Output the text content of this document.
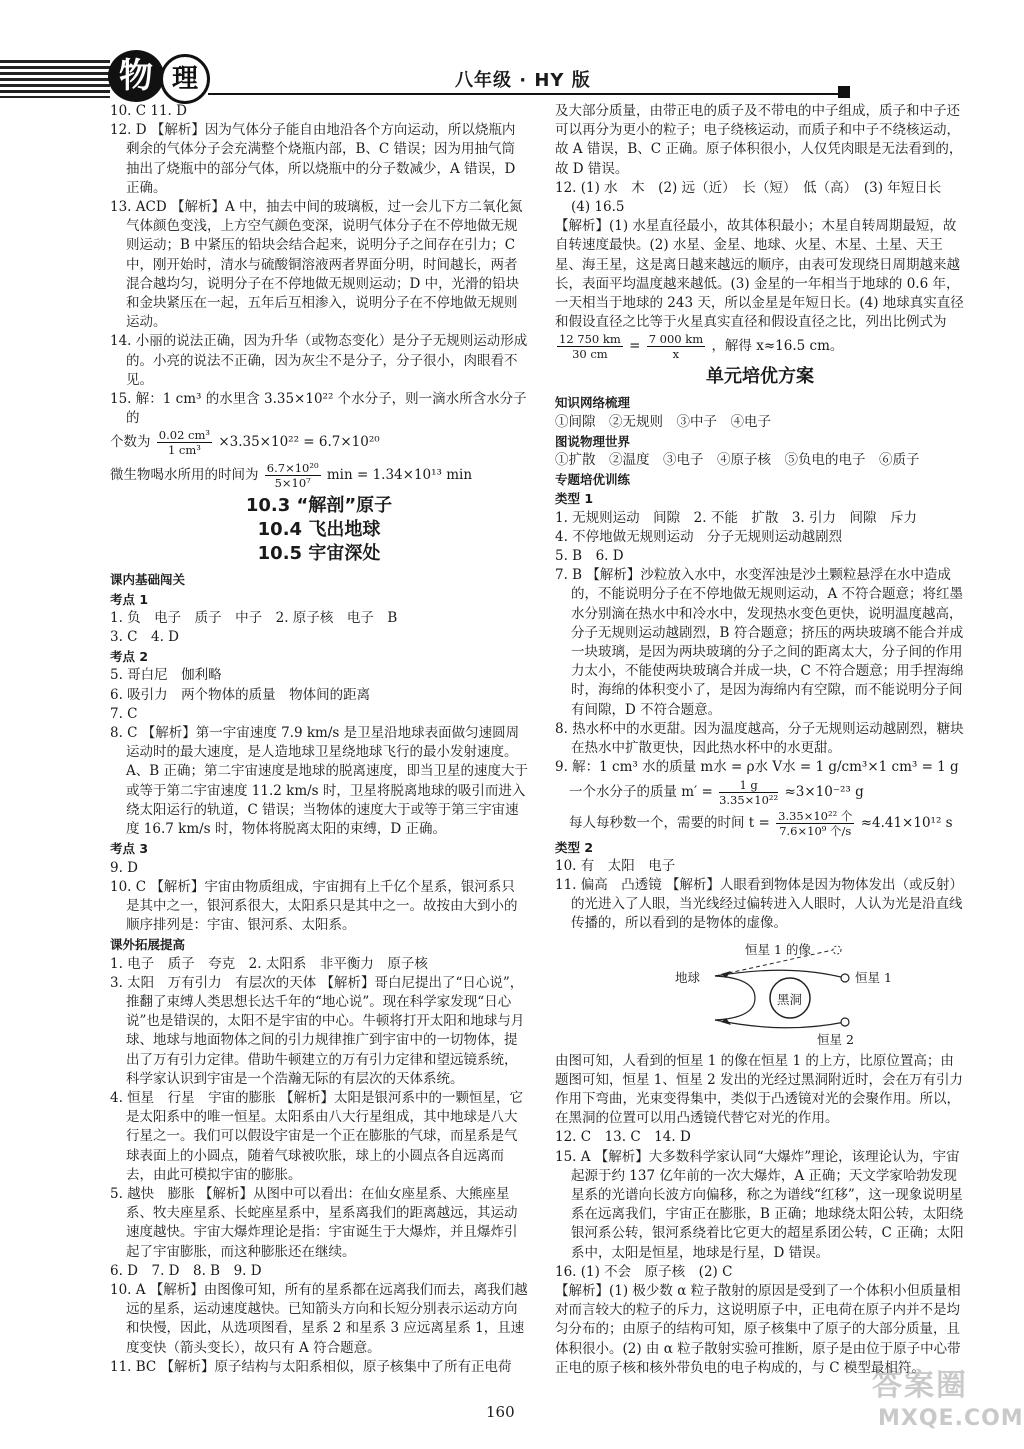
物 理	八年级 · HY 版

10. C 11. D

12. D 【解析】因为气体分子能自由地沿各个方向运动，所以烧瓶内剩余的气体分子会充满整个烧瓶内部，B、C 错误；因为用抽气筒抽出了烧瓶中的部分气体，所以烧瓶中的分子数减少，A 错误，D 正确。

13. ACD 【解析】A 中，抽去中间的玻璃板，过一会儿下方二氧化氮气体颜色变浅，上方空气颜色变深，说明气体分子在不停地做无规则运动；B 中紧压的铅块会结合起来，说明分子之间存在引力；C 中，刚开始时，清水与硫酸铜溶液两者界面分明，时间越长，两者混合越均匀，说明分子在不停地做无规则运动；D 中，光滑的铅块和金块紧压在一起，五年后互相渗入，说明分子在不停地做无规则运动。

14. 小丽的说法正确，因为升华（或物态变化）是分子无规则运动形成的。小亮的说法不正确，因为灰尘不是分子，分子很小，肉眼看不见。

15. 解：1 cm³ 的水里含 3.35×10²² 个水分子，则一滴水所含水分子的

个数为 $\frac{\text{0.02 cm³}}{\text{1 cm³}} \times 3.35\times 10^{22} = 6.7\times 10^{20}$

微生物喝水所用的时间为 $\frac{\text{6.7×10²⁰}}{\text{5×10⁷}}$ min = 1.34×10¹³ min

10.3 “解剖”原子
10.4 飞出地球
10.5 宇宙深处
课内基础闯关
考点 1

1. 负　电子　质子　中子　2. 原子核　电子　B

3. C　4. D

考点 2

5. 哥白尼　伽利略

6. 吸引力　两个物体的质量　物体间的距离

7. C

8. C 【解析】第一宇宙速度 7.9 km/s 是卫星沿地球表面做匀速圆周运动时的最大速度，是人造地球卫星绕地球飞行的最小发射速度。A、B 正确；第二宇宙速度是地球的脱离速度，即当卫星的速度大于或等于第二宇宙速度 11.2 km/s 时，卫星将脱离地球的吸引而进入绕太阳运行的轨道，C 错误；当物体的速度大于或等于第三宇宙速度 16.7 km/s 时，物体将脱离太阳的束缚，D 正确。

考点 3

9. D

10. C 【解析】宇宙由物质组成，宇宙拥有上千亿个星系，银河系只是其中之一，银河系很大，太阳系只是其中之一。故按由大到小的顺序排列是：宇宙、银河系、太阳系。

课外拓展提高

1. 电子　质子　夸克　2. 太阳系　非平衡力　原子核

3. 太阳　万有引力　有层次的天体 【解析】哥白尼提出了“日心说”，推翻了束缚人类思想长达千年的“地心说”。现在科学家发现“日心说”也是错误的，太阳不是宇宙的中心。牛顿将打开太阳和地球与月球、地球与地面物体之间的引力规律推广到宇宙中的一切物体，提出了万有引力定律。借助牛顿建立的万有引力定律和望远镜系统，科学家认识到宇宙是一个浩瀚无际的有层次的天体系统。

4. 恒星　行星　宇宙的膨胀 【解析】太阳是银河系中的一颗恒星，它是太阳系中的唯一恒星。太阳系由八大行星组成，其中地球是八大行星之一。我们可以假设宇宙是一个正在膨胀的气球，而星系是气球表面上的小圆点，随着气球被吹胀，球上的小圆点各自远离而去，由此可模拟宇宙的膨胀。

5. 越快　膨胀 【解析】从图中可以看出：在仙女座星系、大熊座星系、牧夫座星系、长蛇座星系中，星系离我们的距离越远，其运动速度越快。宇宙大爆炸理论是指：宇宙诞生于大爆炸，并且爆炸引起了宇宙膨胀，而这种膨胀还在继续。

6. D　7. D　8. B　9. D

10. A 【解析】由图像可知，所有的星系都在远离我们而去，离我们越远的星系，运动速度越快。已知箭头方向和长短分别表示运动方向和快慢，因此，从选项图看，星系 2 和星系 3 应远离星系 1，且速度变快（箭头变长），故只有 A 符合题意。

11. BC 【解析】原子结构与太阳系相似，原子核集中了所有正电荷

及大部分质量，由带正电的质子及不带电的中子组成，质子和中子还可以再分为更小的粒子；电子绕核运动，而质子和中子不绕核运动，故 A 错误，B、C 正确。原子体积很小，人仅凭肉眼是无法看到的，故 D 错误。

12. (1) 水　木　(2) 远（近）　长（短）　低（高）　(3) 年短日长　(4) 16.5

【解析】(1) 水星直径最小，故其体积最小；木星自转周期最短，故自转速度最快。(2) 水星、金星、地球、火星、木星、土星、天王星、海王星，这是离日越来越远的顺序，由表可发现绕日周期越来越长，表面平均温度越来越低。(3) 金星的一年相当于地球的 0.6 年，一天相当于地球的 243 天，所以金星是年短日长。(4) 地球真实直径和假设直径之比等于火星真实直径和假设直径之比，列出比例式为

$\frac{12 750 km}{30 cm} = \frac{7 000 km}{x}$ ，解得 x≈16.5 cm。

单元培优方案
知识网络梳理

①间隙　②无规则　③中子　④电子

图说物理世界

①扩散　②温度　③电子　④原子核　⑤负电的电子　⑥质子

专题培优训练
类型 1

1. 无规则运动　间隙　2. 不能　扩散　3. 引力　间隙　斥力

4. 不停地做无规则运动　分子无规则运动越剧烈

5. B　6. D

7. B 【解析】沙粒放入水中，水变浑浊是沙土颗粒悬浮在水中造成的，不能说明分子在不停地做无规则运动，A 不符合题意；将红墨水分别滴在热水中和冷水中，发现热水变色更快，说明温度越高，分子无规则运动越剧烈，B 符合题意；挤压的两块玻璃不能合并成一块玻璃，是因为两块玻璃的分子之间的距离太大，分子间的作用力太小，不能使两块玻璃合并成一块，C 不符合题意；用手捏海绵时，海绵的体积变小了，是因为海绵内有空隙，而不能说明分子间有间隙，D 不符合题意。

8. 热水杯中的水更甜。因为温度越高，分子无规则运动越剧烈，糖块在热水中扩散更快，因此热水杯中的水更甜。

9. 解：1 cm³ 水的质量 m水 = ρ水 V水 = 1 g/cm³×1 cm³ = 1 g

一个水分子的质量 $m' = \frac{1 g}{\text{3.35×10²²}} \approx 3\times 10^{-23}$ g

每人每秒数一个，需要的时间 $t = \frac{\text{3.35×10²² 个}}{\text{7.6×10⁹ 个/s}} \approx 4.41\times 10^{12}$ s

类型 2

10. 有　太阳　电子

11. 偏高　凸透镜 【解析】人眼看到物体是因为物体发出（或反射）的光进入了人眼，当光线经过偏转进入人眼时，人认为光是沿直线传播的，所以看到的是物体的虚像。

恒星 1 的像
地球	恒星 1
黑洞
恒星 2

由图可知，人看到的恒星 1 的像在恒星 1 的上方，比原位置高；由题图可知，恒星 1、恒星 2 发出的光经过黑洞附近时，会在万有引力作用下弯曲，光束变得集中，类似于凸透镜对光的会聚作用。所以，在黑洞的位置可以用凸透镜代替它对光的作用。

12. C　13. C　14. D

15. A 【解析】大多数科学家认同“大爆炸”理论，该理论认为，宇宙起源于约 137 亿年前的一次大爆炸，A 正确；天文学家哈勃发现星系的光谱向长波方向偏移，称之为谱线“红移”，这一现象说明星系在远离我们，宇宙正在膨胀，B 正确；地球绕太阳公转，太阳绕银河系公转，银河系绕着比它更大的超星系团公转，C 正确；太阳系中，太阳是恒星，地球是行星，D 错误。

16. (1) 不会　原子核　(2) C

【解析】(1) 极少数 α 粒子散射的原因是受到了一个体积小但质量相对而言较大的粒子的斥力，这说明原子中，正电荷在原子内并不是均匀分布的；由原子的结构可知，原子核集中了原子的大部分质量，且体积很小。(2) 由 α 粒子散射实验可推断，原子是由位于原子中心带正电的原子核和核外带负电的电子构成的，与 C 模型最相符。

160
答案圈
MXQE.COM
